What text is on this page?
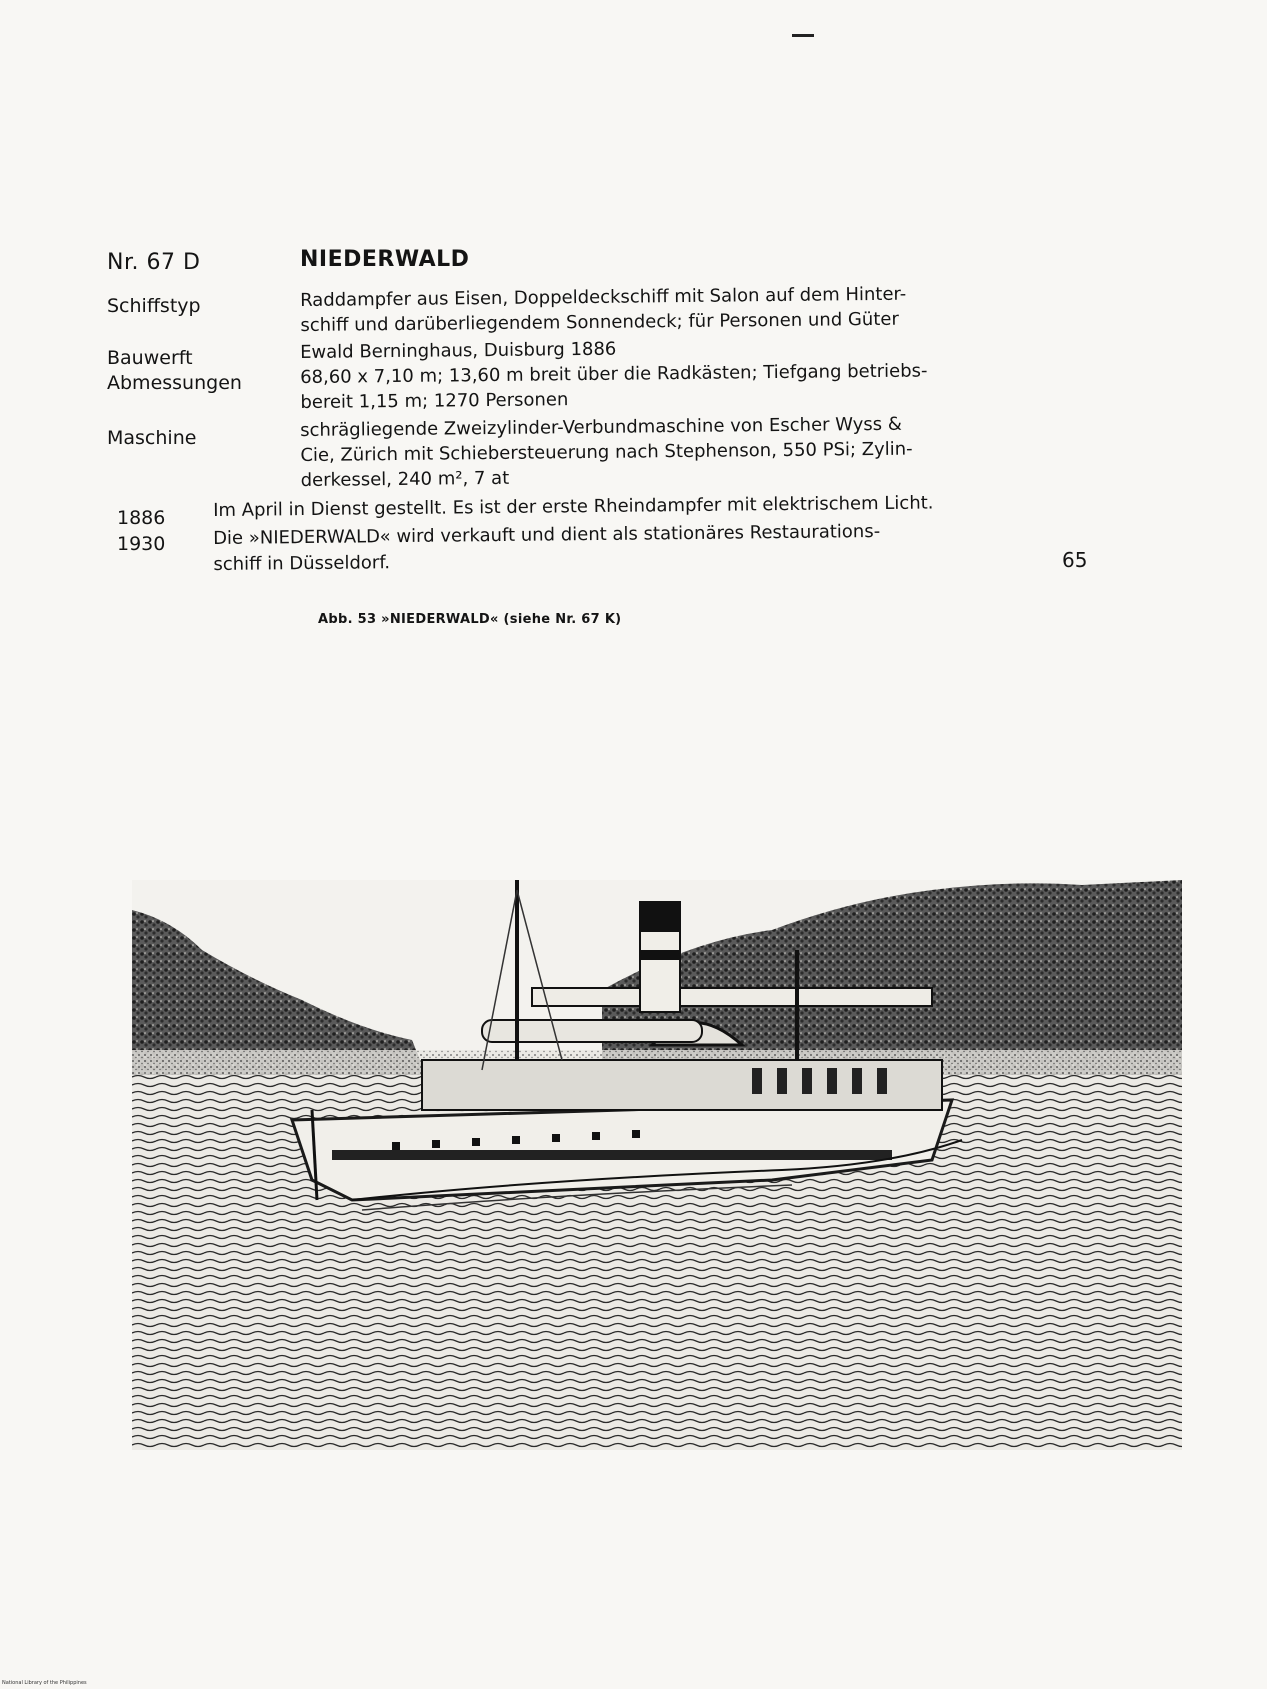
Nr. 67 D	NIEDERWALD
Schiffstyp	Raddampfer aus Eisen, Doppeldeckschiff mit Salon auf dem Hinter-
schiff und darüberliegendem Sonnendeck; für Personen und Güter
Bauwerft	Ewald Berninghaus, Duisburg 1886
Abmessungen	68,60 x 7,10 m; 13,60 m breit über die Radkästen; Tiefgang betriebs-
bereit 1,15 m; 1270 Personen
Maschine	schrägliegende Zweizylinder-Verbundmaschine von Escher Wyss &
Cie, Zürich mit Schiebersteuerung nach Stephenson, 550 PSi; Zylin-
derkessel, 240 m², 7 at
1886	Im April in Dienst gestellt. Es ist der erste Rheindampfer mit elektrischem Licht.
1930	Die »NIEDERWALD« wird verkauft und dient als stationäres Restaurations-
schiff in Düsseldorf.	65
Abb. 53 »NIEDERWALD« (siehe Nr. 67 K)
National Library of the Philippines
